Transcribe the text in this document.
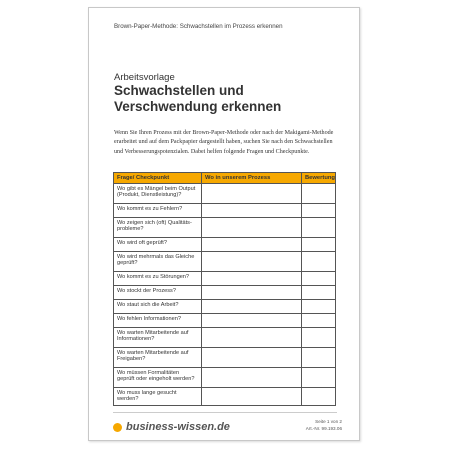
Brown-Paper-Methode: Schwachstellen im Prozess erkennen
Arbeitsvorlage
Schwachstellen und
Verschwendung erkennen
Wenn Sie Ihren Prozess mit der Brown-Paper-Methode oder nach der Makigami-Methode erarbeitet und auf dem Packpapier dargestellt haben, suchen Sie nach den Schwachstellen und Verbesserungspotenzialen. Dabei helfen folgende Fragen und Checkpunkte.
Frage/ Checkpunkt	Wo in unserem Prozess	Bewertung
Wo gibt es Mängel beim Output (Produkt, Dienstleistung)?		
Wo kommt es zu Fehlern?		
Wo zeigen sich (oft) Qualitäts-probleme?		
Wo wird oft geprüft?		
Wo wird mehrmals das Gleiche geprüft?		
Wo kommt es zu Störungen?		
Wo stockt der Prozess?		
Wo staut sich die Arbeit?		
Wo fehlen Informationen?		
Wo warten Mitarbeitende auf Informationen?		
Wo warten Mitarbeitende auf Freigaben?		
Wo müssen Formalitäten geprüft oder eingeholt werden?		
Wo muss lange gesucht werden?		
business-wissen.de	Seite 1 von 2
Art.-Nr. 99.193.06
